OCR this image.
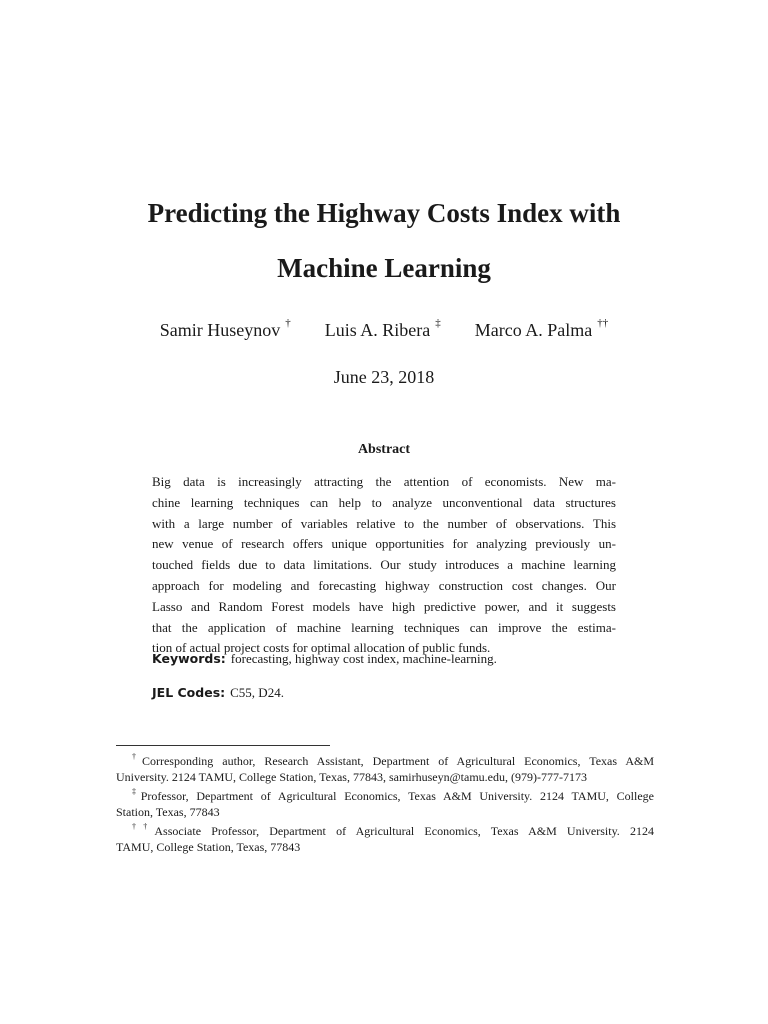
Predicting the Highway Costs Index with
Machine Learning
Samir Huseynov † Luis A. Ribera ‡ Marco A. Palma ††
June 23, 2018
Abstract
Big data is increasingly attracting the attention of economists. New ma-
chine learning techniques can help to analyze unconventional data structures
with a large number of variables relative to the number of observations. This
new venue of research offers unique opportunities for analyzing previously un-
touched fields due to data limitations. Our study introduces a machine learning
approach for modeling and forecasting highway construction cost changes. Our
Lasso and Random Forest models have high predictive power, and it suggests
that the application of machine learning techniques can improve the estima-
tion of actual project costs for optimal allocation of public funds.
Keywords: forecasting, highway cost index, machine-learning.
JEL Codes: C55, D24.
†Corresponding author, Research Assistant, Department of Agricultural Economics, Texas A&M
University. 2124 TAMU, College Station, Texas, 77843, samirhuseyn@tamu.edu, (979)-777-7173
‡Professor, Department of Agricultural Economics, Texas A&M University. 2124 TAMU, College
Station, Texas, 77843
††Associate Professor, Department of Agricultural Economics, Texas A&M University. 2124
TAMU, College Station, Texas, 77843
